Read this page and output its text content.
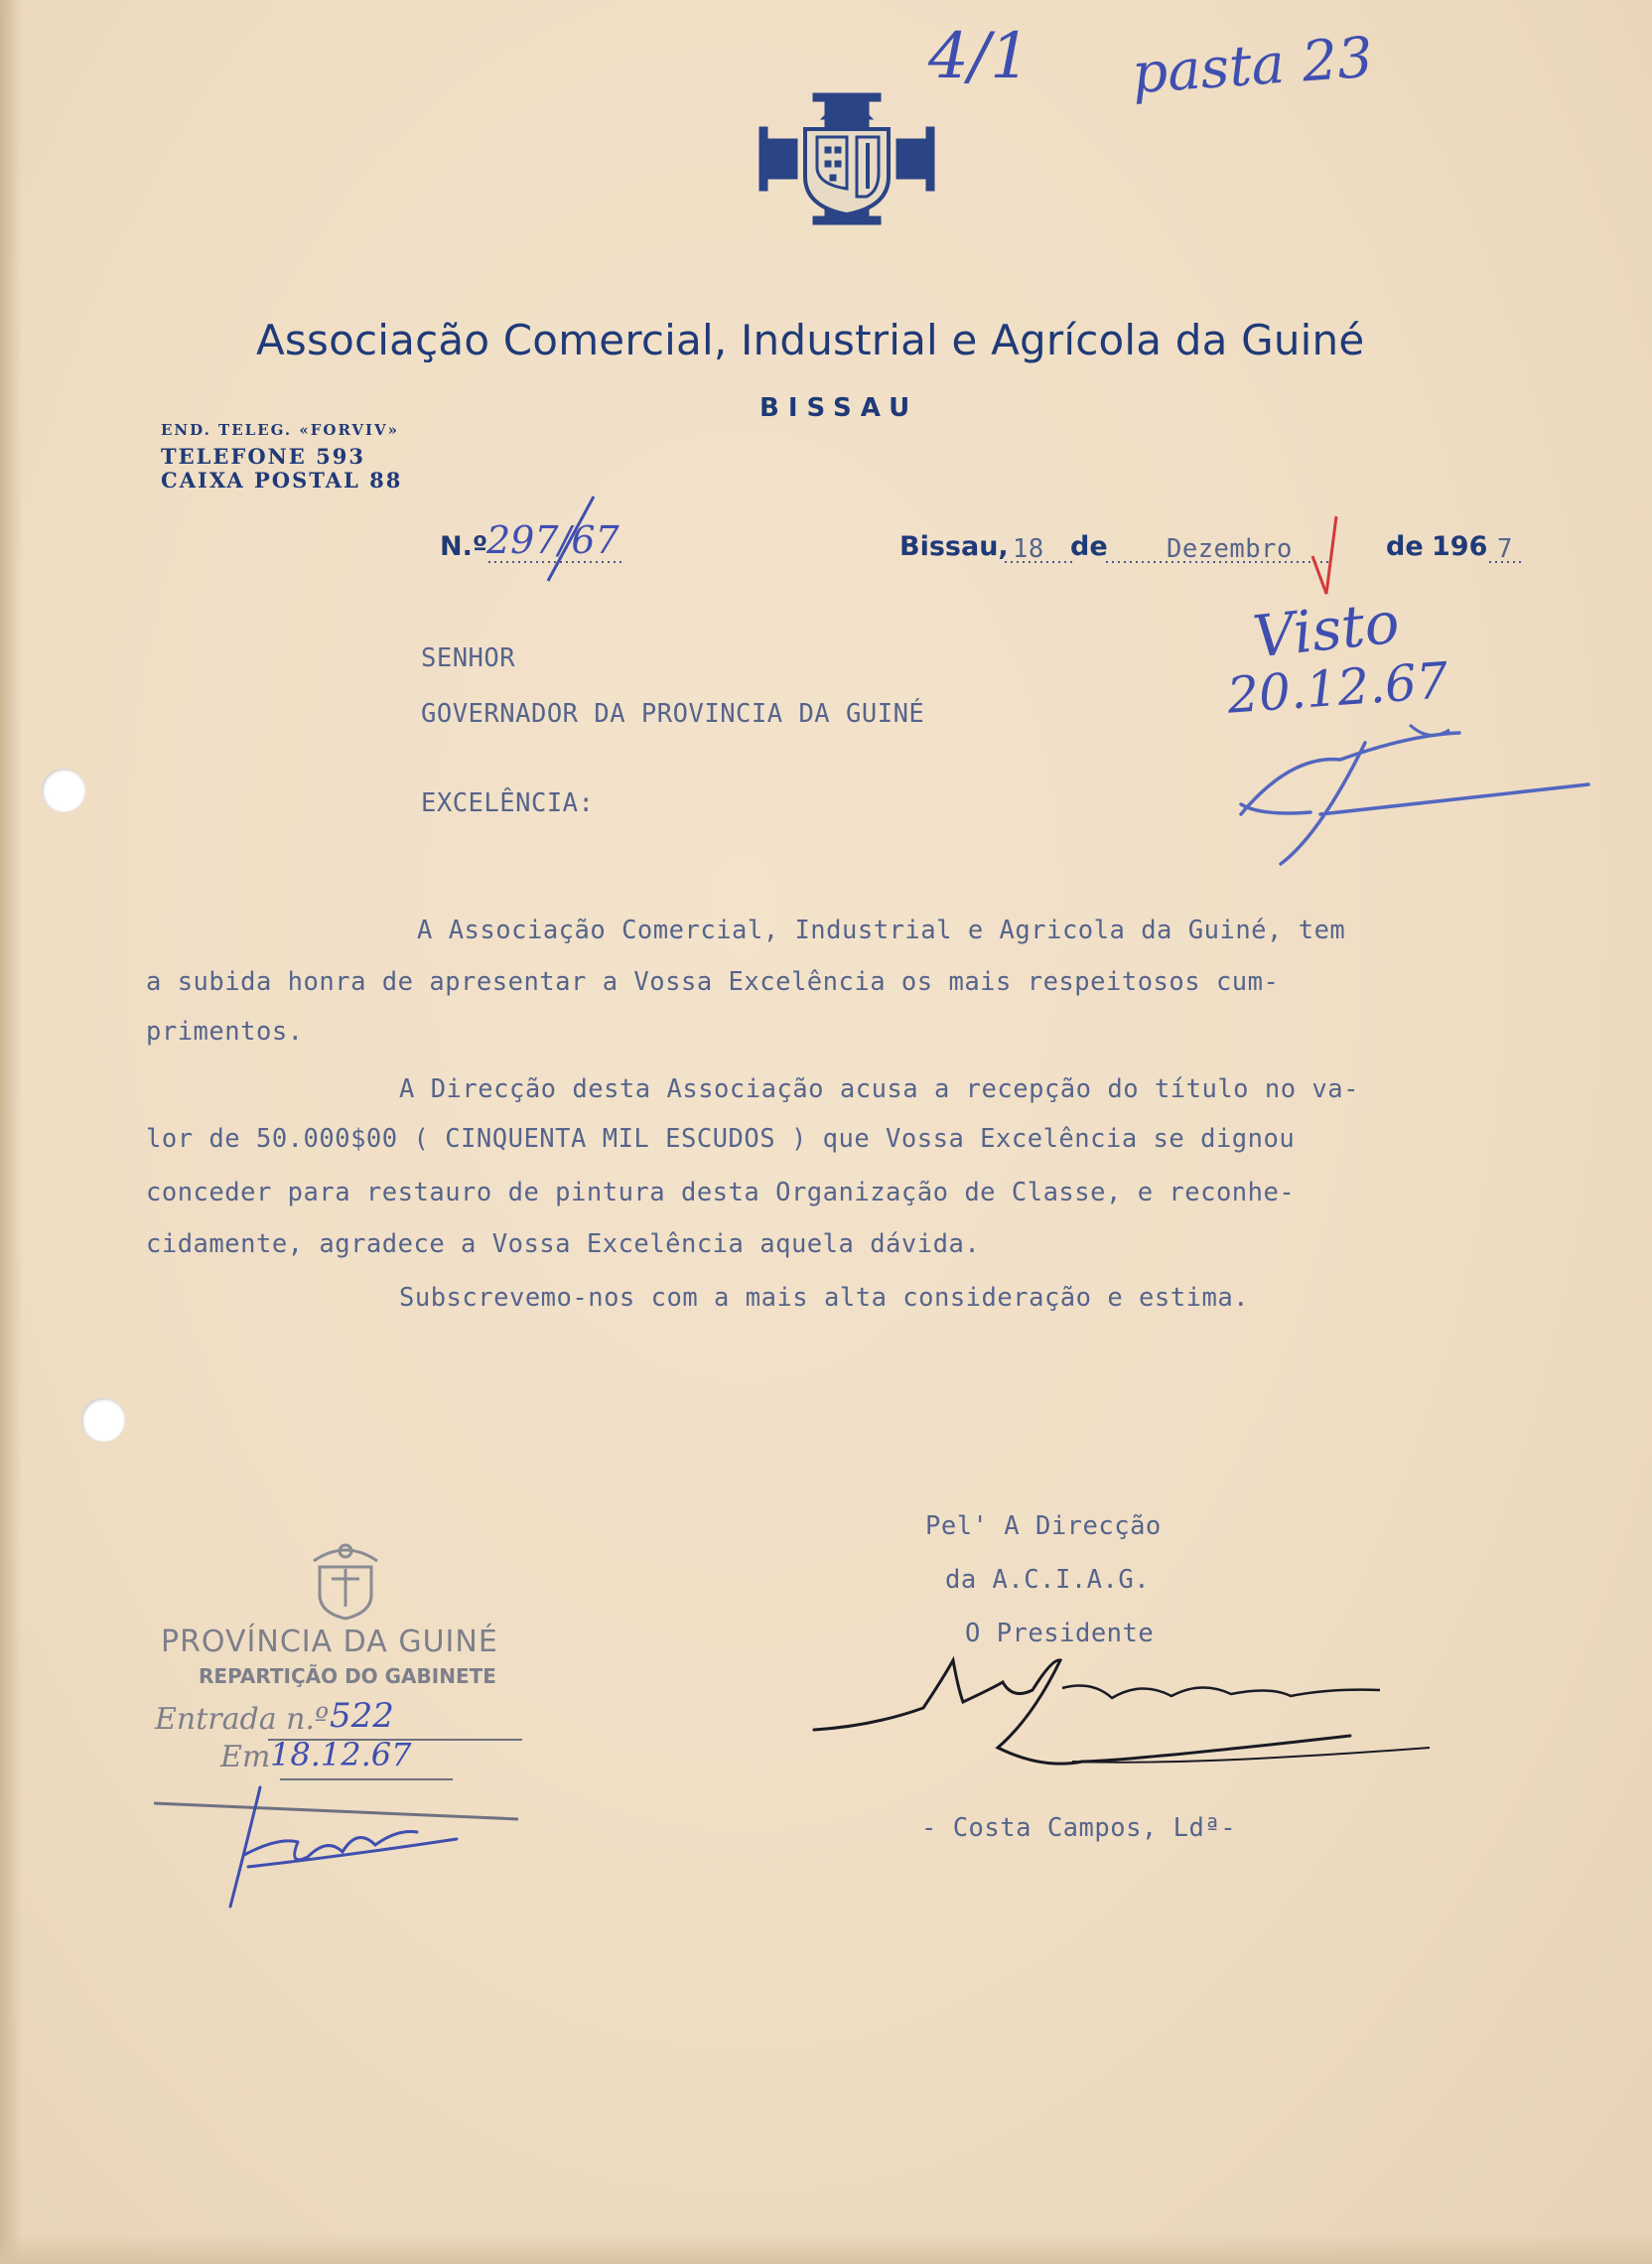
4/1 pasta 23
Associação Comercial, Industrial e Agrícola da Guiné
BISSAU
END. TELEG. «FORVIV»
TELEFONE 593
CAIXA POSTAL 88
N.º
297/67	Bissau, 18 de Dezembro	de 196 7
Visto
20.12.67
SENHOR
GOVERNADOR DA PROVINCIA DA GUINÉ
EXCELÊNCIA:
A Associação Comercial, Industrial e Agricola da Guiné, tem
a subida honra de apresentar a Vossa Excelência os mais respeitosos cum-
primentos.
A Direcção desta Associação acusa a recepção do título no va-
lor de 50.000$00 ( CINQUENTA MIL ESCUDOS ) que Vossa Excelência se dignou
conceder para restauro de pintura desta Organização de Classe, e reconhe-
cidamente, agradece a Vossa Excelência aquela dávida.
Subscrevemo-nos com a mais alta consideração e estima.
Pel' A Direcção
da A.C.I.A.G.
O Presidente
- Costa Campos, Ldª-
PROVÍNCIA DA GUINÉ
REPARTIÇÃO DO GABINETE
Entrada n.º 522
Em 18.12.67
